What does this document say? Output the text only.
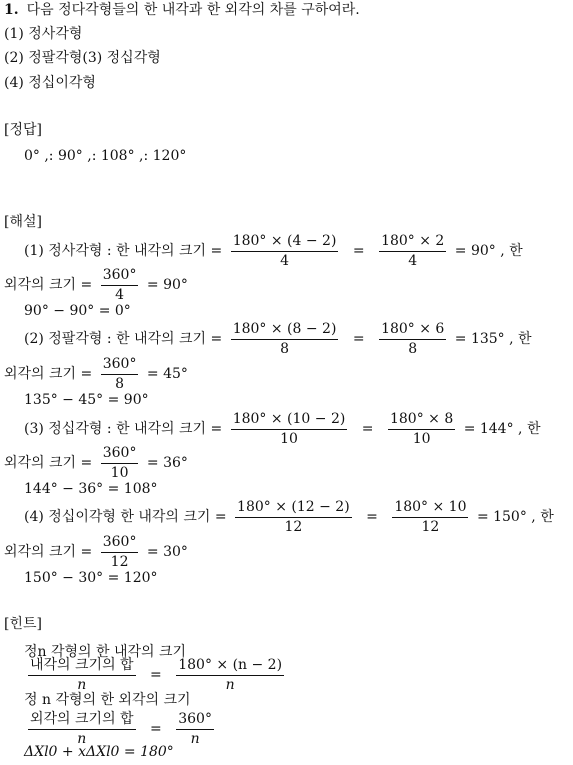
1. 다음 정다각형들의 한 내각과 한 외각의 차를 구하여라.
(1) 정사각형
(2) 정팔각형(3) 정십각형
(4) 정십이각형
[정답]
0° ,: 90° ,: 108° ,: 120°
[해설]
(1) 정사각형 : 한 내각의 크기 = $\frac{180^\circ \times (4 - 2)}{4} = \frac{180^\circ \times 2}{4} = 90^\circ$ , 한
외각의 크기 = $\frac{360^\circ}{4} = 90^\circ$
90° − 90° = 0°
(2) 정팔각형 : 한 내각의 크기 = $\frac{180^\circ \times (8 - 2)}{8} = \frac{180^\circ \times 6}{8} = 135^\circ$ , 한
외각의 크기 = $\frac{360^\circ}{8} = 45^\circ$
135° − 45° = 90°
(3) 정십각형 : 한 내각의 크기 = $\frac{180^\circ \times (10 - 2)}{10} = \frac{180^\circ \times 8}{10} = 144^\circ$ , 한
외각의 크기 = $\frac{360^\circ}{10} = 36^\circ$
144° − 36° = 108°
(4) 정십이각형 한 내각의 크기 = $\frac{180^\circ \times (12 - 2)}{12} = \frac{180^\circ \times 10}{12} = 150^\circ$ , 한
외각의 크기 = $\frac{360^\circ}{12} = 30^\circ$
150° − 30° = 120°
[힌트]
정n 각형의 한 내각의 크기
$\frac{\text{내각의 크기의 합}}{n} = \frac{180^\circ \times (n - 2)}{n}$
정 n 각형의 한 외각의 크기
$\frac{\text{외각의 크기의 합}}{n} = \frac{360^\circ}{n}$
ΔXl0 + xΔXl0 = 180°
